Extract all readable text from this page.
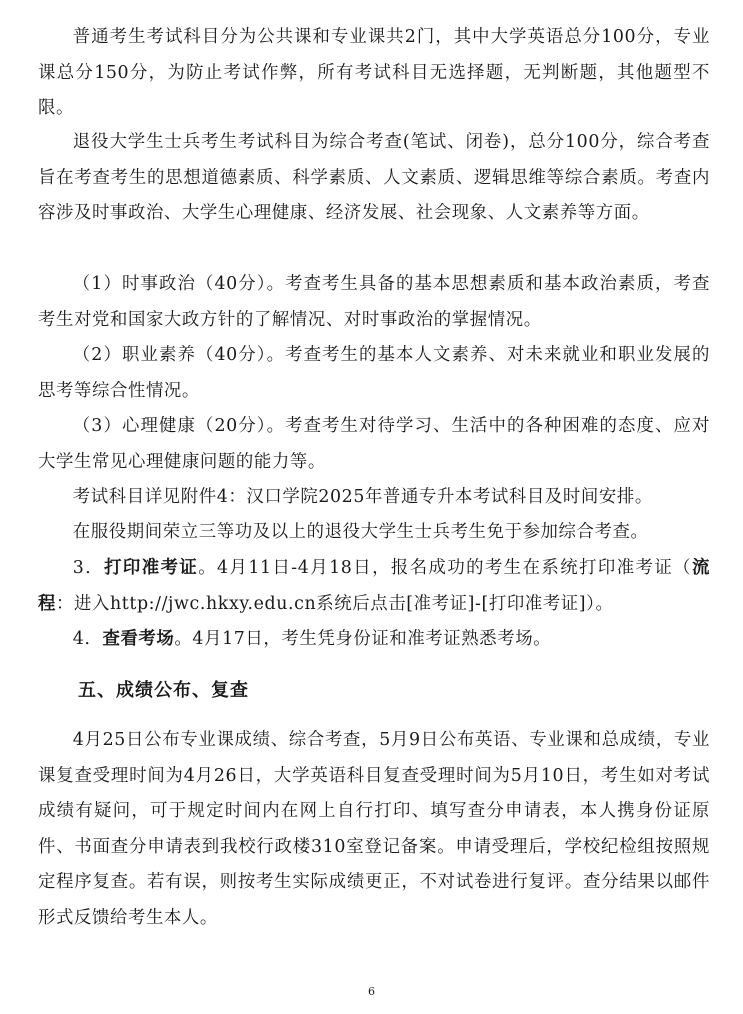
普通考生考试科目分为公共课和专业课共2门，其中大学英语总分100分，专业课总分150分，为防止考试作弊，所有考试科目无选择题，无判断题，其他题型不限。

退役大学生士兵考生考试科目为综合考查(笔试、闭卷)，总分100分，综合考查旨在考查考生的思想道德素质、科学素质、人文素质、逻辑思维等综合素质。考查内容涉及时事政治、大学生心理健康、经济发展、社会现象、人文素养等方面。

（1）时事政治（40分）。考查考生具备的基本思想素质和基本政治素质，考查考生对党和国家大政方针的了解情况、对时事政治的掌握情况。

（2）职业素养（40分）。考查考生的基本人文素养、对未来就业和职业发展的思考等综合性情况。

（3）心理健康（20分）。考查考生对待学习、生活中的各种困难的态度、应对大学生常见心理健康问题的能力等。

考试科目详见附件4：汉口学院2025年普通专升本考试科目及时间安排。

在服役期间荣立三等功及以上的退役大学生士兵考生免于参加综合考查。

3．打印准考证。4月11日-4月18日，报名成功的考生在系统打印准考证（流程：进入http://jwc.hkxy.edu.cn系统后点击[准考证]-[打印准考证]）。

4．查看考场。4月17日，考生凭身份证和准考证熟悉考场。

五、成绩公布、复查

4月25日公布专业课成绩、综合考查，5月9日公布英语、专业课和总成绩，专业课复查受理时间为4月26日，大学英语科目复查受理时间为5月10日，考生如对考试成绩有疑问，可于规定时间内在网上自行打印、填写查分申请表，本人携身份证原件、书面查分申请表到我校行政楼310室登记备案。申请受理后，学校纪检组按照规定程序复查。若有误，则按考生实际成绩更正，不对试卷进行复评。查分结果以邮件形式反馈给考生本人。

6
